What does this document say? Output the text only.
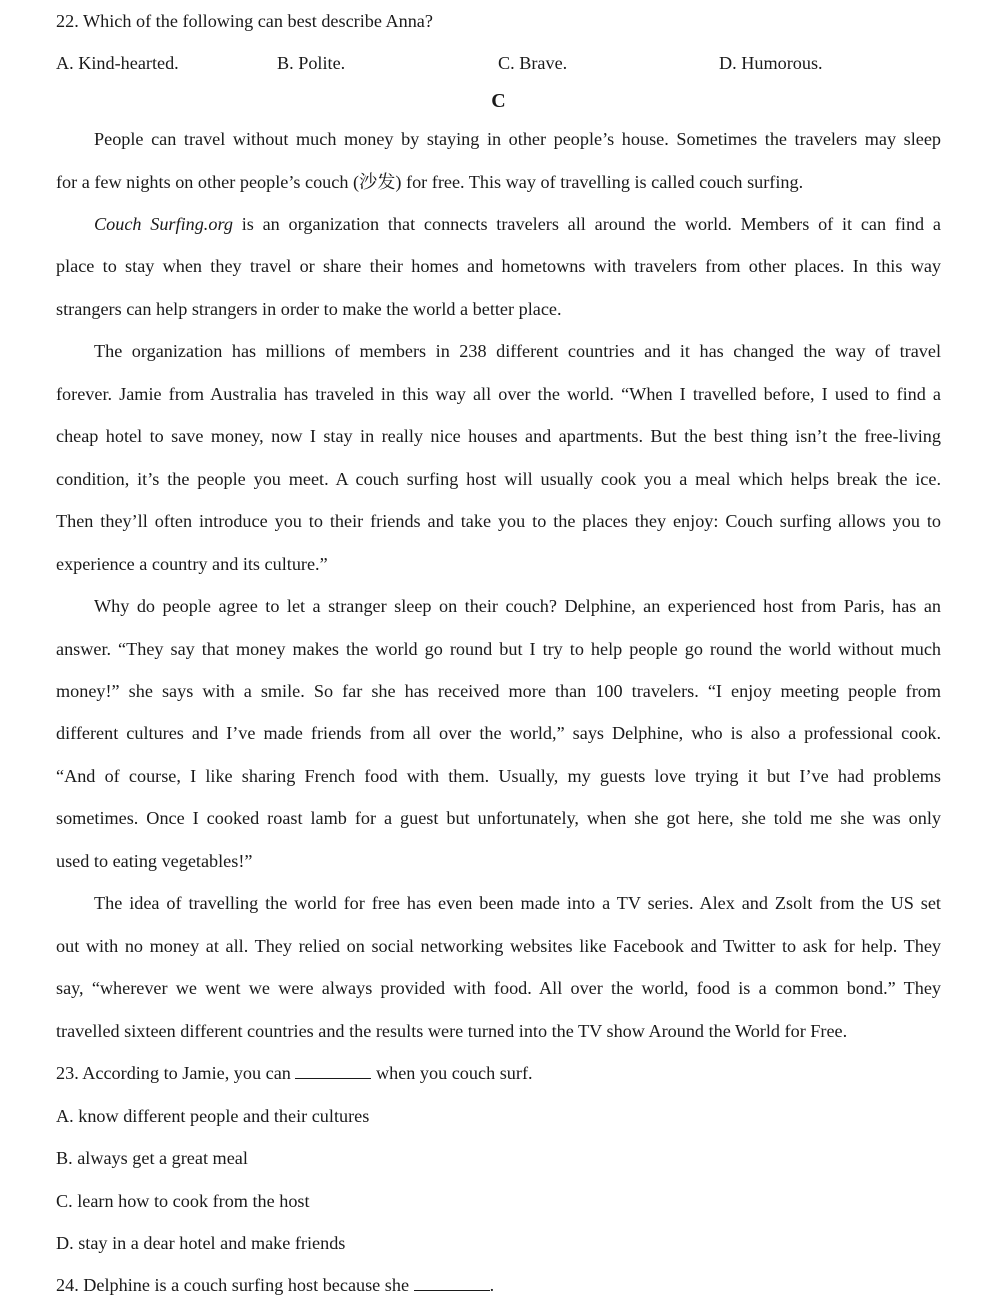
22. Which of the following can best describe Anna?
A. Kind-hearted.	B. Polite.	C. Brave.	D. Humorous.
C
People can travel without much money by staying in other people’s house. Sometimes the travelers may sleep
for a few nights on other people’s couch (沙发) for free. This way of travelling is called couch surfing.
Couch Surfing.org is an organization that connects travelers all around the world. Members of it can find a
place to stay when they travel or share their homes and hometowns with travelers from other places. In this way
strangers can help strangers in order to make the world a better place.
The organization has millions of members in 238 different countries and it has changed the way of travel
forever. Jamie from Australia has traveled in this way all over the world. “When I travelled before, I used to find a
cheap hotel to save money, now I stay in really nice houses and apartments. But the best thing isn’t the free-living
condition, it’s the people you meet. A couch surfing host will usually cook you a meal which helps break the ice.
Then they’ll often introduce you to their friends and take you to the places they enjoy: Couch surfing allows you to
experience a country and its culture.”
Why do people agree to let a stranger sleep on their couch? Delphine, an experienced host from Paris, has an
answer. “They say that money makes the world go round but I try to help people go round the world without much
money!” she says with a smile. So far she has received more than 100 travelers. “I enjoy meeting people from
different cultures and I’ve made friends from all over the world,” says Delphine, who is also a professional cook.
“And of course, I like sharing French food with them. Usually, my guests love trying it but I’ve had problems
sometimes. Once I cooked roast lamb for a guest but unfortunately, when she got here, she told me she was only
used to eating vegetables!”
The idea of travelling the world for free has even been made into a TV series. Alex and Zsolt from the US set
out with no money at all. They relied on social networking websites like Facebook and Twitter to ask for help. They
say, “wherever we went we were always provided with food. All over the world, food is a common bond.” They
travelled sixteen different countries and the results were turned into the TV show Around the World for Free.
23. According to Jamie, you can	when you couch surf.
A. know different people and their cultures
B. always get a great meal
C. learn how to cook from the host
D. stay in a dear hotel and make friends
24. Delphine is a couch surfing host because she	.
